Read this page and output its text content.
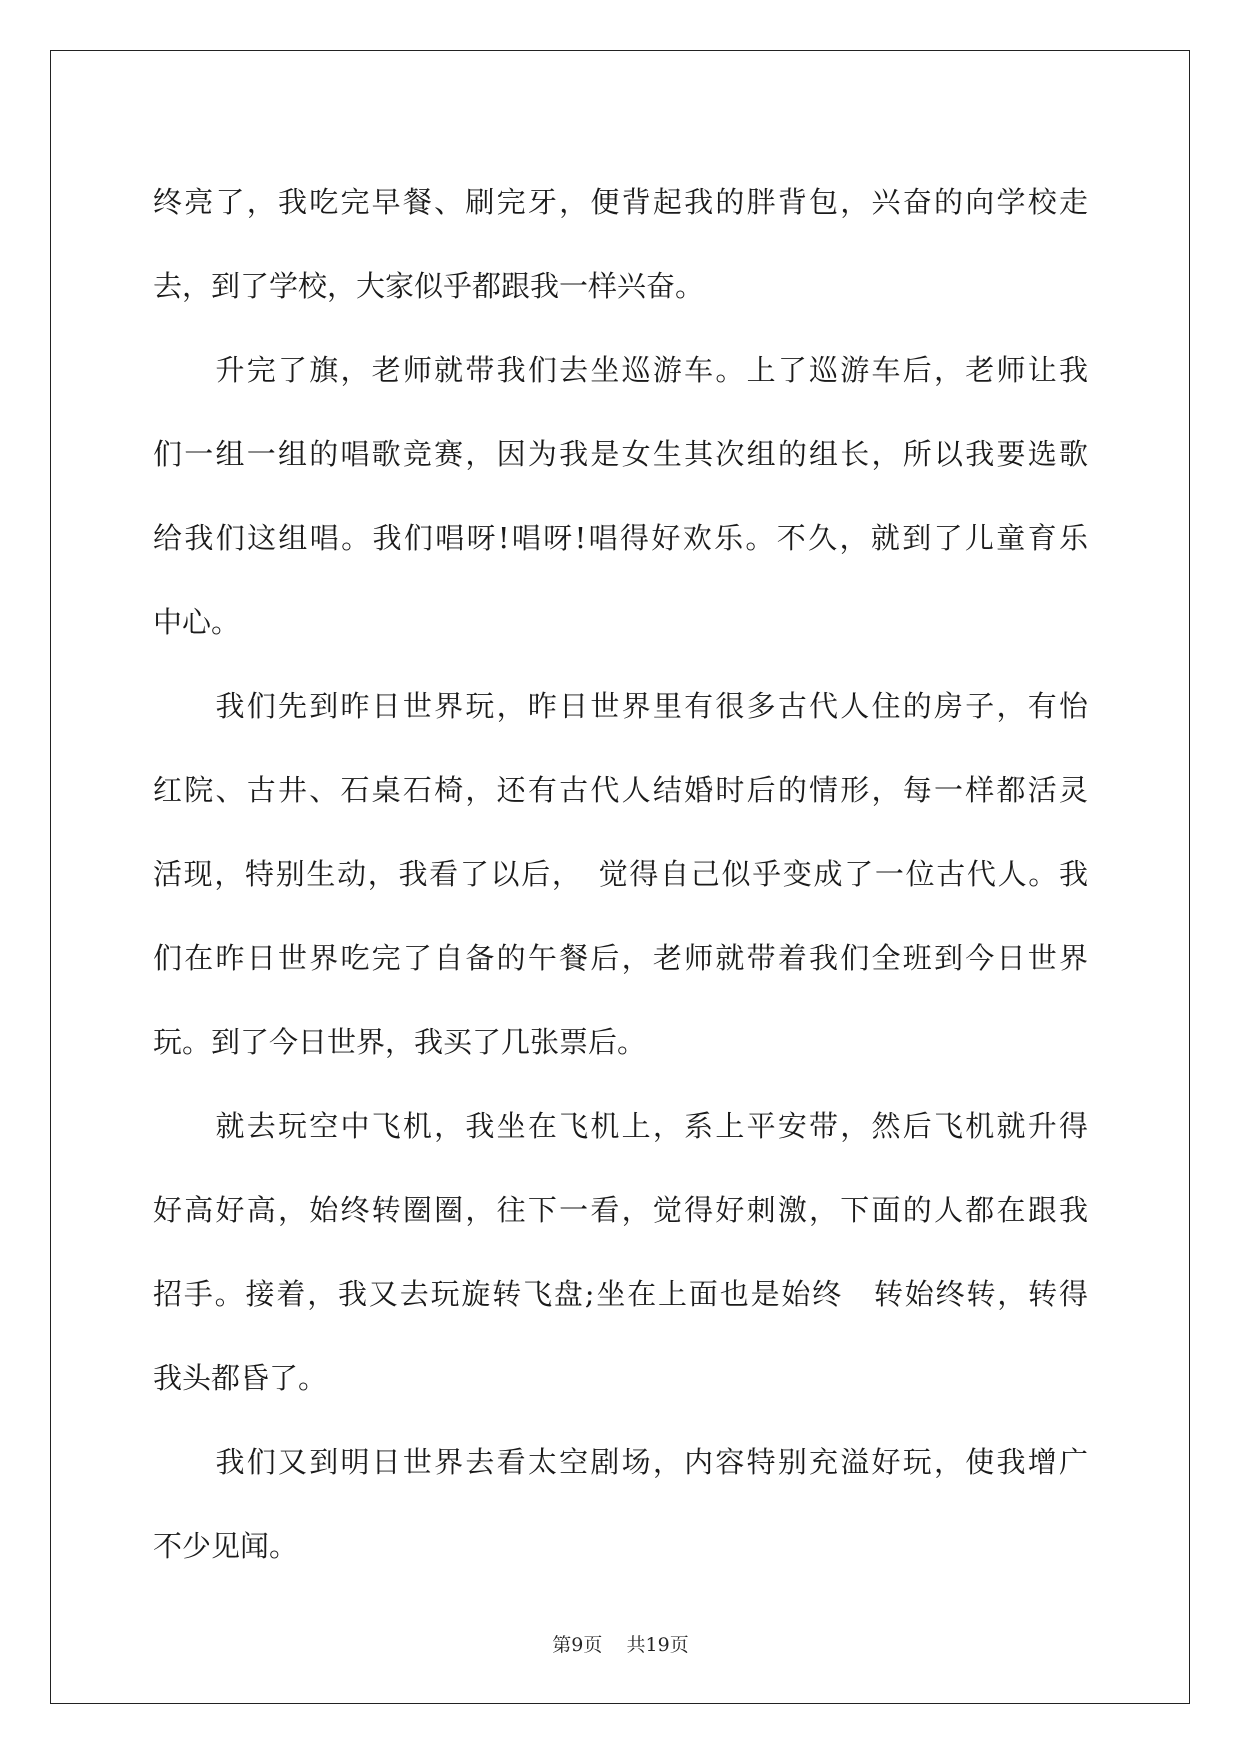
终亮了，我吃完早餐、刷完牙，便背起我的胖背包，兴奋的向学校走
去，到了学校，大家似乎都跟我一样兴奋。
　　升完了旗，老师就带我们去坐巡游车。上了巡游车后，老师让我
们一组一组的唱歌竞赛，因为我是女生其次组的组长，所以我要选歌
给我们这组唱。我们唱呀!唱呀!唱得好欢乐。不久，就到了儿童育乐
中心。
　　我们先到昨日世界玩，昨日世界里有很多古代人住的房子，有怡
红院、古井、石桌石椅，还有古代人结婚时后的情形，每一样都活灵
活现，特别生动，我看了以后，　觉得自己似乎变成了一位古代人。我
们在昨日世界吃完了自备的午餐后，老师就带着我们全班到今日世界
玩。到了今日世界，我买了几张票后。
　　就去玩空中飞机，我坐在飞机上，系上平安带，然后飞机就升得
好高好高，始终转圈圈，往下一看，觉得好刺激，下面的人都在跟我
招手。接着，我又去玩旋转飞盘;坐在上面也是始终　转始终转，转得
我头都昏了。
　　我们又到明日世界去看太空剧场，内容特别充溢好玩，使我增广
不少见闻。
第9页 共19页
